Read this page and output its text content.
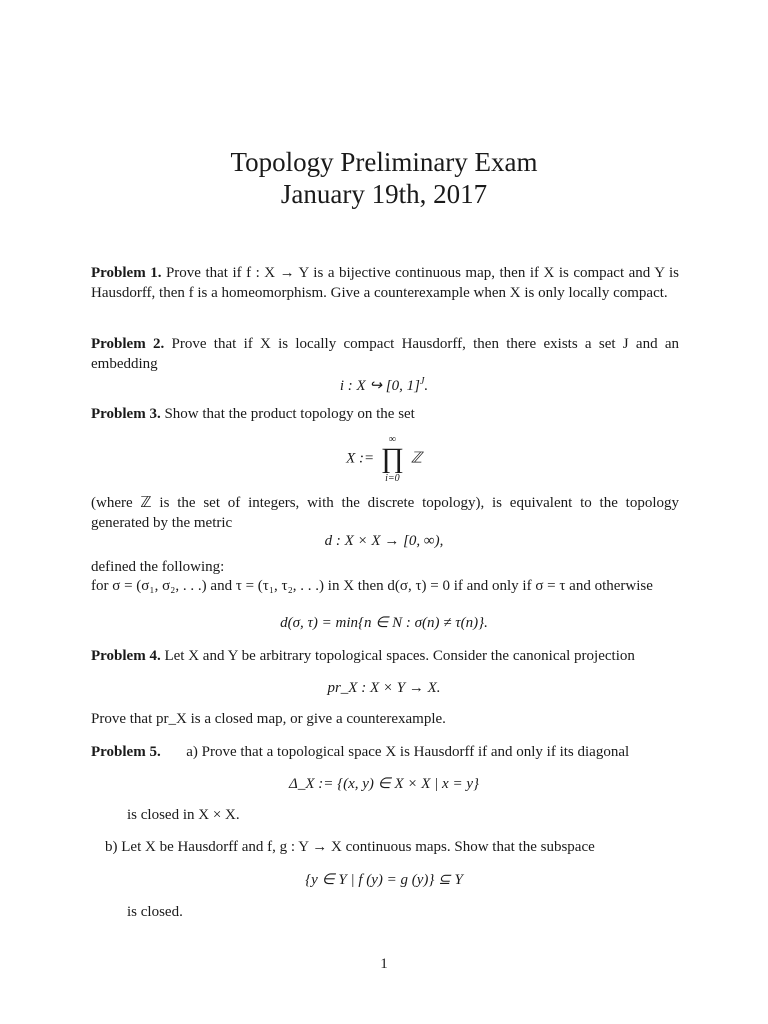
Topology Preliminary Exam
January 19th, 2017
Problem 1. Prove that if f : X → Y is a bijective continuous map, then if X is compact and Y is Hausdorff, then f is a homeomorphism. Give a counterexample when X is only locally compact.
Problem 2. Prove that if X is locally compact Hausdorff, then there exists a set J and an embedding
i : X ↪ [0, 1]$^J$.
Problem 3. Show that the product topology on the set
X :=
∞
∏
i=0
ℤ
(where ℤ is the set of integers, with the discrete topology), is equivalent to the topology generated by the metric
d : X × X → [0, ∞),
defined the following:
for σ = (σ₁, σ₂, . . .) and τ = (τ₁, τ₂, . . .) in X then d(σ, τ) = 0 if and only if σ = τ and otherwise
d(σ, τ) = min{n ∈ N : σ(n) ≠ τ(n)}.
Problem 4. Let X and Y be arbitrary topological spaces. Consider the canonical projection
pr_X : X × Y → X.
Prove that pr_X is a closed map, or give a counterexample.
Problem 5. a) Prove that a topological space X is Hausdorff if and only if its diagonal
Δ_X := {(x, y) ∈ X × X | x = y}
is closed in X × X.
b) Let X be Hausdorff and f, g : Y → X continuous maps. Show that the subspace
{y ∈ Y | f (y) = g (y)} ⊆ Y
is closed.
1
